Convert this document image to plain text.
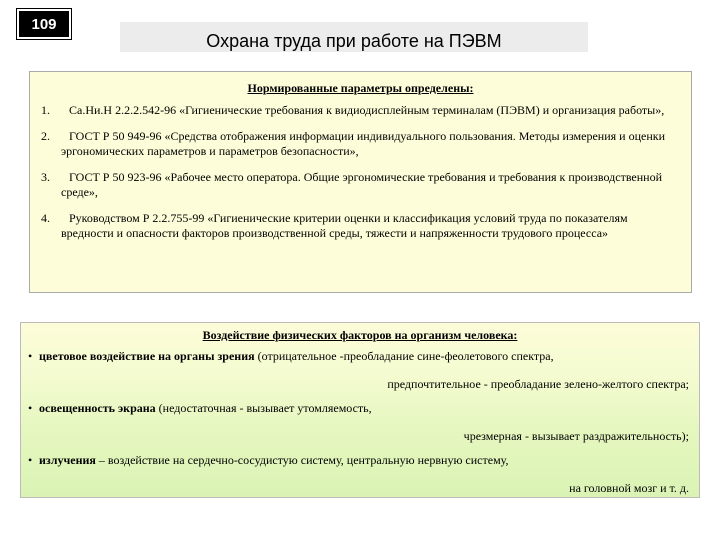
109
Охрана труда при работе на ПЭВМ
Нормированные параметры определены:
1.	Са.Ни.Н 2.2.2.542-96 «Гигиенические требования к видиодисплейным терминалам (ПЭВМ) и организация работы»,
2.	ГОСТ Р 50 949-96 «Средства отображения информации индивидуального пользования. Методы измерения и оценки эргономических параметров и параметров безопасности»,
3.	ГОСТ Р 50 923-96 «Рабочее место оператора. Общие эргономические требования и требования к производственной среде»,
4.	Руководством Р 2.2.755-99 «Гигиенические критерии оценки и классификация условий труда по показателям вредности и опасности факторов производственной среды, тяжести и напряженности трудового процесса»
Воздействие физических факторов на организм человека:
• цветовое воздействие на органы зрения (отрицательное -преобладание сине-феолетового спектра,
предпочтительное - преобладание зелено-желтого спектра;
• освещенность экрана (недостаточная - вызывает утомляемость,
чрезмерная - вызывает раздражительность);
• излучения – воздействие на сердечно-сосудистую систему, центральную нервную систему,
на головной мозг и т. д.
